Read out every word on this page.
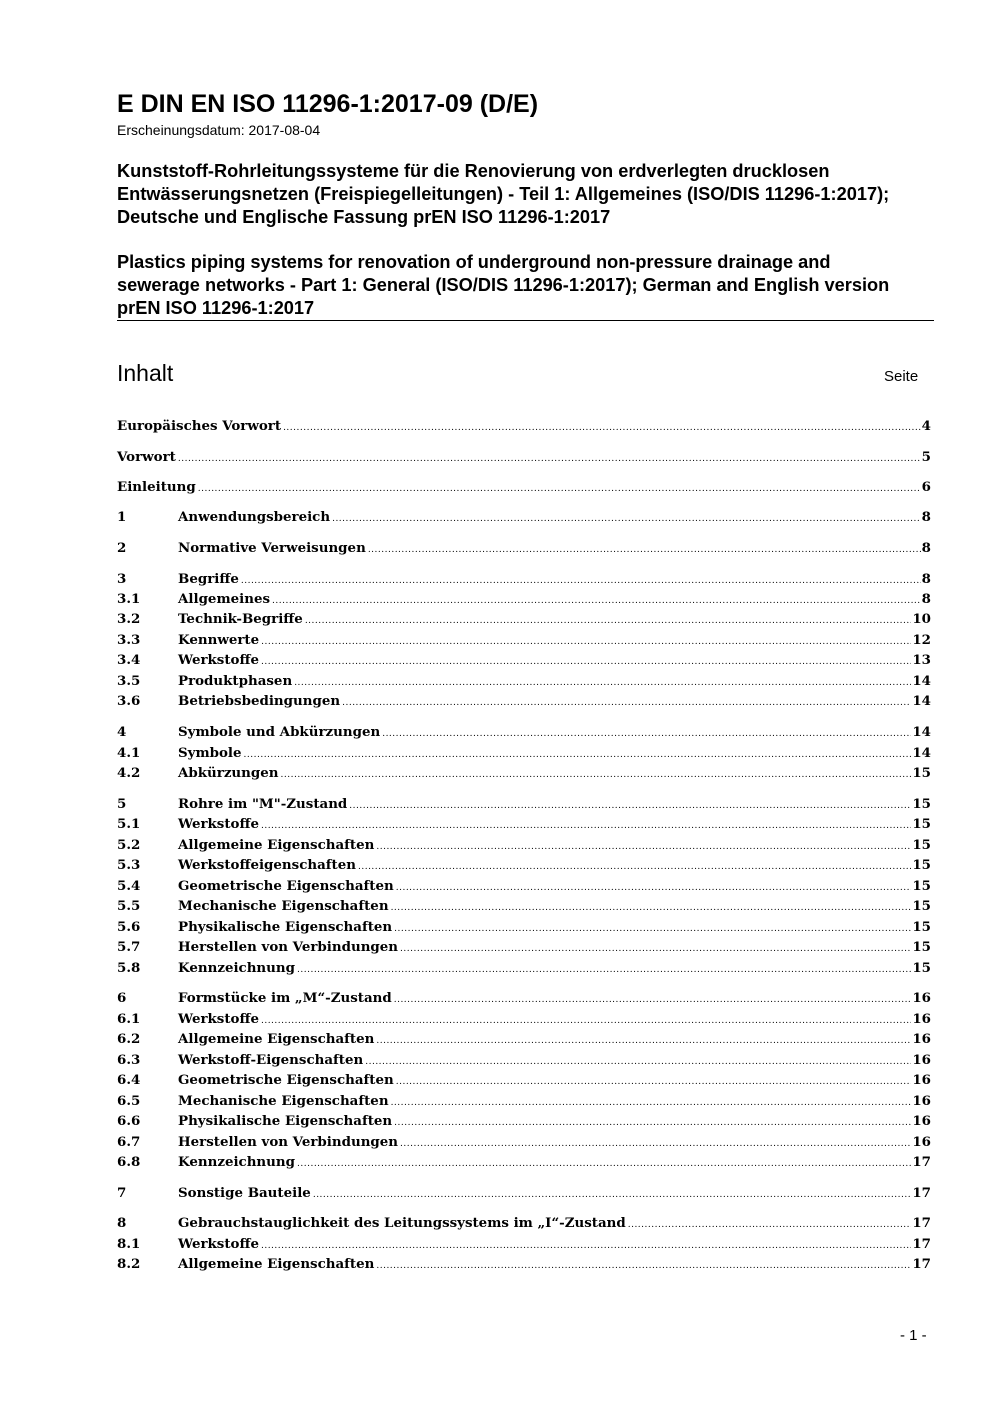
E DIN EN ISO 11296-1:2017-09 (D/E)
Erscheinungsdatum: 2017-08-04

Kunststoff-Rohrleitungssysteme für die Renovierung von erdverlegten drucklosen Entwässerungsnetzen (Freispiegelleitungen) - Teil 1: Allgemeines (ISO/DIS 11296-1:2017); Deutsche und Englische Fassung prEN ISO 11296-1:2017

Plastics piping systems for renovation of underground non-pressure drainage and sewerage networks - Part 1: General (ISO/DIS 11296-1:2017); German and English version prEN ISO 11296-1:2017

Inhalt	Seite
Europäisches Vorwort .....	4
Vorwort .....	5
Einleitung .....	6
1	Anwendungsbereich .....	8
2	Normative Verweisungen .....	8
3	Begriffe .....	8
3.1	Allgemeines .....	8
3.2	Technik-Begriffe .....	10
3.3	Kennwerte .....	12
3.4	Werkstoffe .....	13
3.5	Produktphasen .....	14
3.6	Betriebsbedingungen .....	14
4	Symbole und Abkürzungen .....	14
4.1	Symbole .....	14
4.2	Abkürzungen .....	15
5	Rohre im "M"-Zustand .....	15
5.1	Werkstoffe .....	15
5.2	Allgemeine Eigenschaften .....	15
5.3	Werkstoffeigenschaften .....	15
5.4	Geometrische Eigenschaften .....	15
5.5	Mechanische Eigenschaften .....	15
5.6	Physikalische Eigenschaften .....	15
5.7	Herstellen von Verbindungen .....	15
5.8	Kennzeichnung .....	15
6	Formstücke im „M“-Zustand .....	16
6.1	Werkstoffe .....	16
6.2	Allgemeine Eigenschaften .....	16
6.3	Werkstoff-Eigenschaften .....	16
6.4	Geometrische Eigenschaften .....	16
6.5	Mechanische Eigenschaften .....	16
6.6	Physikalische Eigenschaften .....	16
6.7	Herstellen von Verbindungen .....	16
6.8	Kennzeichnung .....	17
7	Sonstige Bauteile .....	17
8	Gebrauchstauglichkeit des Leitungssystems im „I“-Zustand .....	17
8.1	Werkstoffe .....	17
8.2	Allgemeine Eigenschaften .....	17
- 1 -
